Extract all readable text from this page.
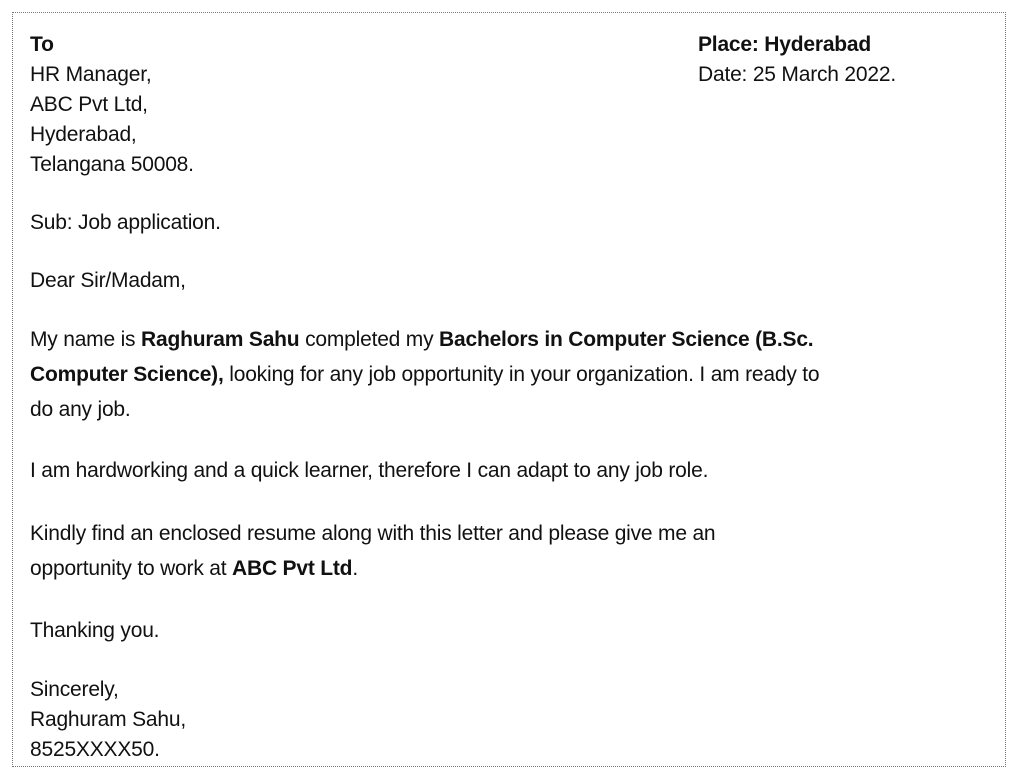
To
HR Manager,
ABC Pvt Ltd,
Hyderabad,
Telangana 50008.
Place: Hyderabad
Date: 25 March 2022.
Sub: Job application.
Dear Sir/Madam,
My name is Raghuram Sahu completed my Bachelors in Computer Science (B.Sc.
Computer Science), looking for any job opportunity in your organization. I am ready to
do any job.
I am hardworking and a quick learner, therefore I can adapt to any job role.
Kindly find an enclosed resume along with this letter and please give me an
opportunity to work at ABC Pvt Ltd.
Thanking you.
Sincerely,
Raghuram Sahu,
8525XXXX50.
